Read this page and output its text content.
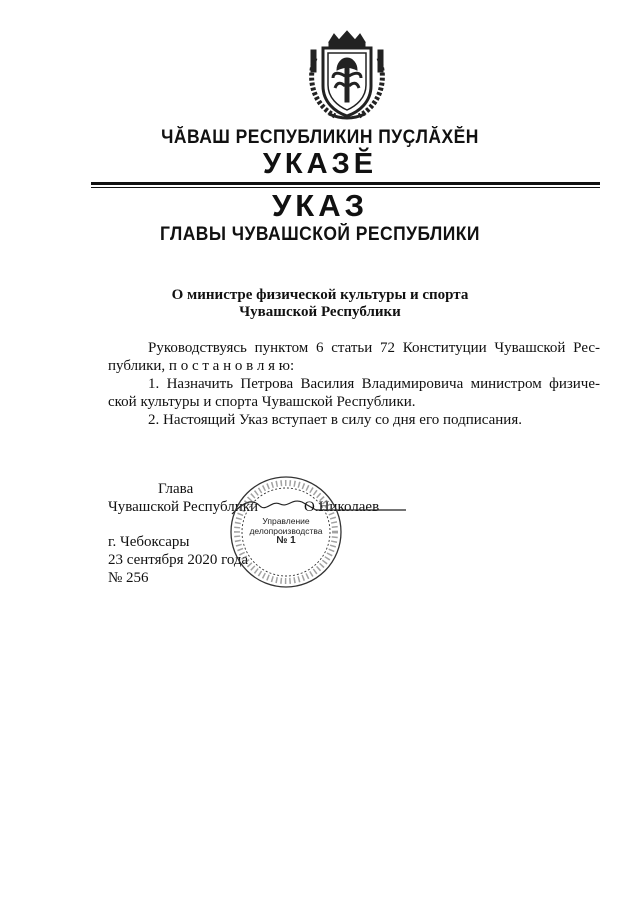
ЧӐВАШ РЕСПУБЛИКИН ПУҪЛӐХӖН
УКАЗӖ
УКАЗ
ГЛАВЫ ЧУВАШСКОЙ РЕСПУБЛИКИ
О министре физической культуры и спорта
Чувашской Республики

Руководствуясь пунктом 6 статьи 72 Конституции Чувашской Рес-

публики, п о с т а н о в л я ю:

1. Назначить Петрова Василия Владимировича министром физиче-

ской культуры и спорта Чувашской Республики.

2. Настоящий Указ вступает в силу со дня его подписания.

Глава
Чувашской Республики	О.Николаев
г. Чебоксары
23 сентября 2020 года
№ 256
Управление
делопроизводства
№ 1
